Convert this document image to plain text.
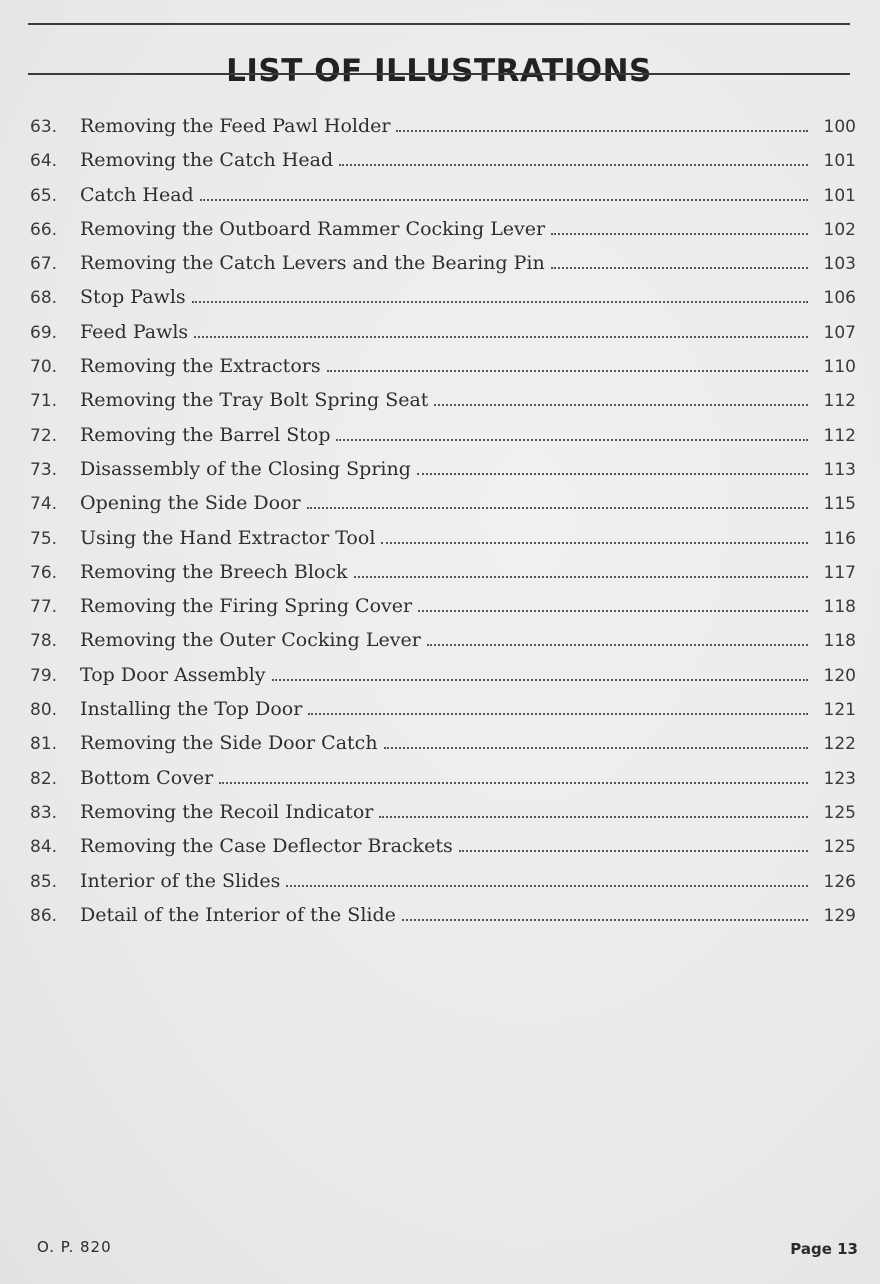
LIST OF ILLUSTRATIONS
63.	Removing the Feed Pawl Holder	100
64.	Removing the Catch Head	101
65.	Catch Head	101
66.	Removing the Outboard Rammer Cocking Lever	102
67.	Removing the Catch Levers and the Bearing Pin	103
68.	Stop Pawls	106
69.	Feed Pawls	107
70.	Removing the Extractors	110
71.	Removing the Tray Bolt Spring Seat	112
72.	Removing the Barrel Stop	112
73.	Disassembly of the Closing Spring	113
74.	Opening the Side Door	115
75.	Using the Hand Extractor Tool	116
76.	Removing the Breech Block	117
77.	Removing the Firing Spring Cover	118
78.	Removing the Outer Cocking Lever	118
79.	Top Door Assembly	120
80.	Installing the Top Door	121
81.	Removing the Side Door Catch	122
82.	Bottom Cover	123
83.	Removing the Recoil Indicator	125
84.	Removing the Case Deflector Brackets	125
85.	Interior of the Slides	126
86.	Detail of the Interior of the Slide	129
O. P. 820	Page 13
